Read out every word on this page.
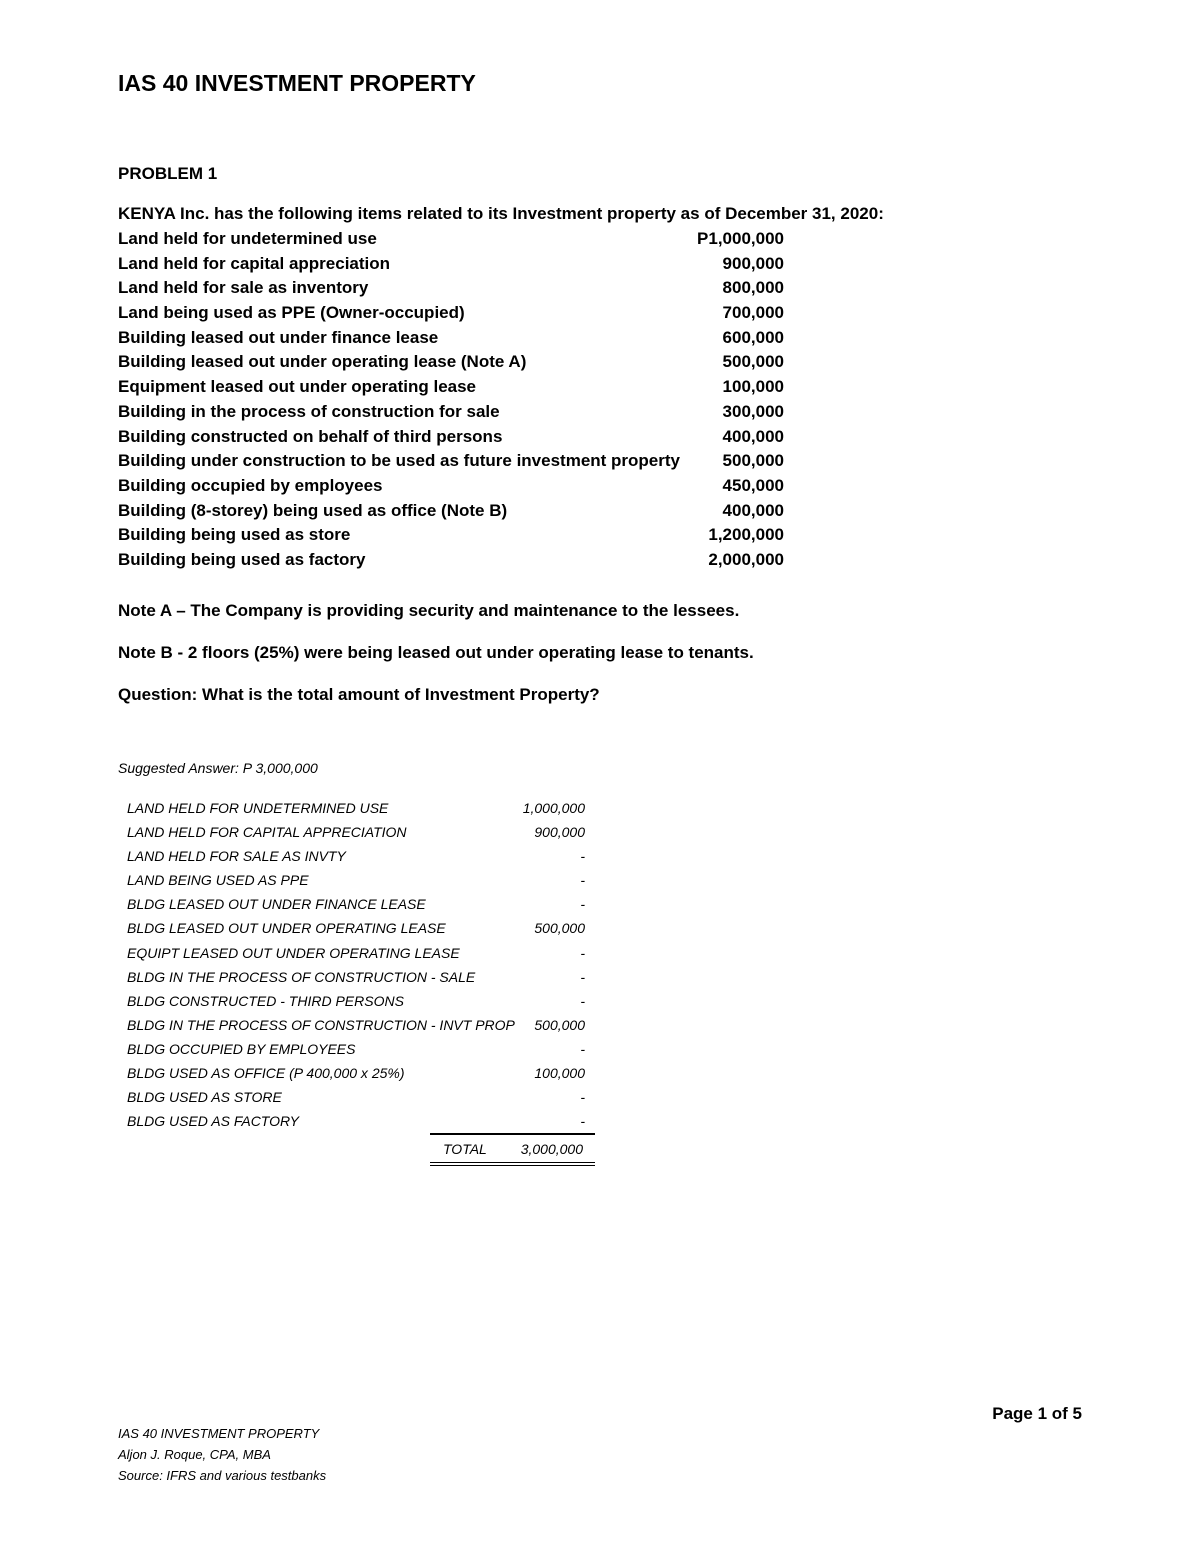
IAS 40 INVESTMENT PROPERTY
PROBLEM 1
KENYA Inc. has the following items related to its Investment property as of December 31, 2020:
Land held for undetermined use	P1,000,000
Land held for capital appreciation	900,000
Land held for sale as inventory	800,000
Land being used as PPE (Owner-occupied)	700,000
Building leased out under finance lease	600,000
Building leased out under operating lease (Note A)	500,000
Equipment leased out under operating lease	100,000
Building in the process of construction for sale	300,000
Building constructed on behalf of third persons	400,000
Building under construction to be used as future investment property	500,000
Building occupied by employees	450,000
Building (8-storey) being used as office (Note B)	400,000
Building being used as store	1,200,000
Building being used as factory	2,000,000
Note A – The Company is providing security and maintenance to the lessees.
Note B - 2 floors (25%) were being leased out under operating lease to tenants.
Question: What is the total amount of Investment Property?
Suggested Answer: P 3,000,000
LAND HELD FOR UNDETERMINED USE	1,000,000
LAND HELD FOR CAPITAL APPRECIATION	900,000
LAND HELD FOR SALE AS INVTY	-
LAND BEING USED AS PPE	-
BLDG LEASED OUT UNDER FINANCE LEASE	-
BLDG LEASED OUT UNDER OPERATING LEASE	500,000
EQUIPT LEASED OUT UNDER OPERATING LEASE	-
BLDG IN THE PROCESS OF CONSTRUCTION - SALE	-
BLDG CONSTRUCTED - THIRD PERSONS	-
BLDG IN THE PROCESS OF CONSTRUCTION - INVT PROP 500,000
BLDG OCCUPIED BY EMPLOYEES	-
BLDG USED AS OFFICE (P 400,000 x 25%)	100,000
BLDG USED AS STORE	-
BLDG USED AS FACTORY	-
TOTAL 3,000,000
Page 1 of 5
IAS 40 INVESTMENT PROPERTY
Aljon J. Roque, CPA, MBA
Source: IFRS and various testbanks
